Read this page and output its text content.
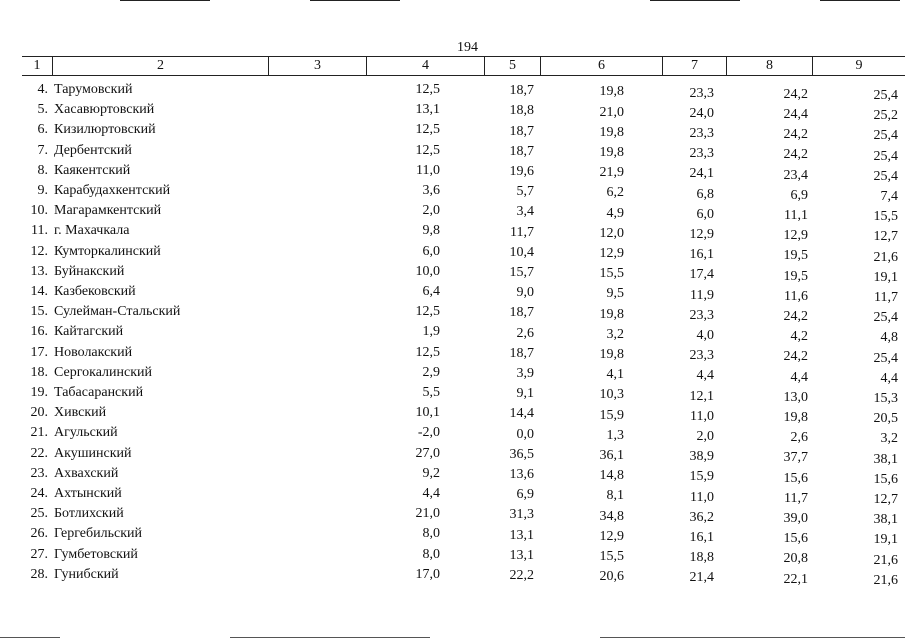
194
1	2	3	4	5	6	7	8	9
4. Тарумовский	12,5	18,7	19,8	23,3	24,2	25,4
5. Хасавюртовский	13,1	18,8	21,0	24,0	24,4	25,2
6. Кизилюртовский	12,5	18,7	19,8	23,3	24,2	25,4
7. Дербентский	12,5	18,7	19,8	23,3	24,2	25,4
8. Каякентский	11,0	19,6	21,9	24,1	23,4	25,4
9. Карабудахкентский	3,6	5,7	6,2	6,8	6,9	7,4
10. Магарамкентский	2,0	3,4	4,9	6,0	11,1	15,5
11. г. Махачкала	9,8	11,7	12,0	12,9	12,9	12,7
12. Кумторкалинский	6,0	10,4	12,9	16,1	19,5	21,6
13. Буйнакский	10,0	15,7	15,5	17,4	19,5	19,1
14. Казбековский	6,4	9,0	9,5	11,9	11,6	11,7
15. Сулейман-Стальский	12,5	18,7	19,8	23,3	24,2	25,4
16. Кайтагский	1,9	2,6	3,2	4,0	4,2	4,8
17. Новолакский	12,5	18,7	19,8	23,3	24,2	25,4
18. Сергокалинский	2,9	3,9	4,1	4,4	4,4	4,4
19. Табасаранский	5,5	9,1	10,3	12,1	13,0	15,3
20. Хивский	10,1	14,4	15,9	11,0	19,8	20,5
21. Агульский	-2,0	0,0	1,3	2,0	2,6	3,2
22. Акушинский	27,0	36,5	36,1	38,9	37,7	38,1
23. Ахвахский	9,2	13,6	14,8	15,9	15,6	15,6
24. Ахтынский	4,4	6,9	8,1	11,0	11,7	12,7
25. Ботлихский	21,0	31,3	34,8	36,2	39,0	38,1
26. Гергебильский	8,0	13,1	12,9	16,1	15,6	19,1
27. Гумбетовский	8,0	13,1	15,5	18,8	20,8	21,6
28. Гунибский	17,0	22,2	20,6	21,4	22,1	21,6
